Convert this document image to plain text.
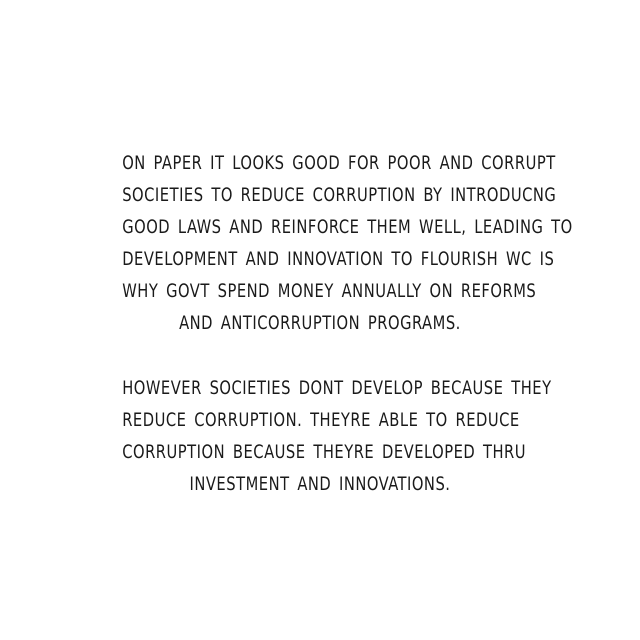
ON PAPER IT LOOKS GOOD FOR POOR AND CORRUPT
SOCIETIES TO REDUCE CORRUPTION BY INTRODUCNG
GOOD LAWS AND REINFORCE THEM WELL, LEADING TO
DEVELOPMENT AND INNOVATION TO FLOURISH WC IS
WHY GOVT SPEND MONEY ANNUALLY ON REFORMS
AND ANTICORRUPTION PROGRAMS.
HOWEVER SOCIETIES DONT DEVELOP BECAUSE THEY
REDUCE CORRUPTION. THEYRE ABLE TO REDUCE
CORRUPTION BECAUSE THEYRE DEVELOPED THRU
INVESTMENT AND INNOVATIONS.
